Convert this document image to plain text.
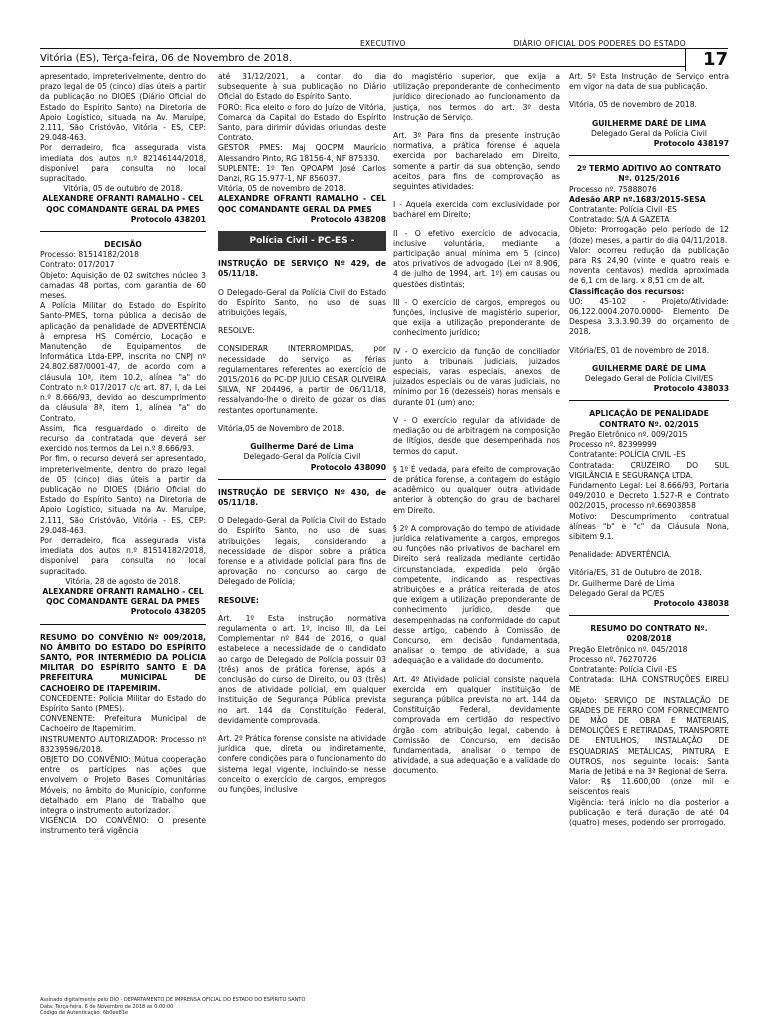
EXECUTIVO	DIÁRIO OFICIAL DOS PODERES DO ESTADO
Vitória (ES), Terça-feira, 06 de Novembro de 2018.	17

apresentado, impreterivelmente, dentro do prazo legal de 05 (cinco) dias úteis a partir da publicação no DIOES (Diário Oficial do Estado do Espírito Santo) na Diretoria de Apoio Logístico, situada na Av. Maruípe, 2.111, São Cristóvão, Vitória - ES, CEP: 29.048-463.

Por derradeiro, fica assegurada vista imediata dos autos n.º 82146144/2018, disponível para consulta no local supracitado.

Vitória, 05 de outubro de 2018.

ALEXANDRE OFRANTI RAMALHO - CEL QOC COMANDANTE GERAL DA PMES

Protocolo 438201

DECISÃO

Processo: 81514182/2018

Contrato: 017/2017

Objeto: Aquisição de 02 switches núcleo 3 camadas 48 portas, com garantia de 60 meses.

A Polícia Militar do Estado do Espírito Santo-PMES, torna pública a decisão de aplicação da penalidade de ADVERTÊNCIA à empresa HS Comércio, Locação e Manutenção de Equipamentos de Informática Ltda-EPP, inscrita no CNPJ nº 24.802.687/0001-47, de acordo com a cláusula 10ª, item 10.2, alínea "a" do Contrato n.º 017/2017 c/c art. 87, I, da Lei n.º 8.666/93, devido ao descumprimento da cláusula 8ª, item 1, alínea "a" do Contrato.

Assim, fica resguardado o direito de recurso da contratada que deverá ser exercido nos termos da Lei n.º 8.666/93.

Por fim, o recurso deverá ser apresentado, impreterivelmente, dentro do prazo legal de 05 (cinco) dias úteis a partir da publicação no DIOES (Diário Oficial do Estado do Espírito Santo) na Diretoria de Apoio Logístico, situada na Av. Maruípe, 2.111, São Cristóvão, Vitória - ES, CEP: 29.048-463.

Por derradeiro, fica assegurada vista imediata dos autos n.º 81514182/2018, disponível para consulta no local supracitado.

Vitória, 28 de agosto de 2018.

ALEXANDRE OFRANTI RAMALHO - CEL QOC COMANDANTE GERAL DA PMES

Protocolo 438205

RESUMO DO CONVÊNIO Nº 009/2018, NO ÂMBITO DO ESTADO DO ESPÍRITO SANTO, POR INTERMÉDIO DA POLÍCIA MILITAR DO ESPÍRITO SANTO E DA PREFEITURA MUNICIPAL DE CACHOEIRO DE ITAPEMIRIM.

CONCEDENTE: Polícia Militar do Estado do Espírito Santo (PMES).

CONVENENTE: Prefeitura Municipal de Cachoeiro de Itapemirim.

INSTRUMENTO AUTORIZADOR: Processo nº 83239596/2018.

OBJETO DO CONVÊNIO: Mútua cooperação entre os partícipes nas ações que envolvem o Projeto Bases Comunitárias Móveis, no âmbito do Município, conforme detalhado em Plano de Trabalho que integra o instrumento autorizador.

VIGÊNCIA DO CONVÊNIO: O presente instrumento terá vigência

até 31/12/2021, a contar do dia subsequente à sua publicação no Diário Oficial do Estado do Espírito Santo.

FORO: Fica eleito o foro do Juízo de Vitória, Comarca da Capital do Estado do Espírito Santo, para dirimir dúvidas oriundas deste Contrato.

GESTOR PMES: Maj QOCPM Maurício Alessandro Pinto, RG 18156-4, NF 875330.

SUPLENTE: 1º Ten QPOAPM José Carlos Danzi, RG 15.977-1, NF 856037.

Vitória, 05 de novembro de 2018.

ALEXANDRE OFRANTI RAMALHO - CEL QOC COMANDANTE GERAL DA PMES

Protocolo 438208

Polícia Civil - PC-ES -

INSTRUÇÃO DE SERVIÇO Nº 429, de 05/11/18.

O Delegado-Geral da Polícia Civil do Estado do Espírito Santo, no uso de suas atribuições legais,

RESOLVE:

CONSIDERAR INTERROMPIDAS, por necessidade do serviço as férias regulamentares referentes ao exercício de 2015/2016 do PC-DP JULIO CESAR OLIVEIRA SILVA, NF 204496, a partir de 06/11/18, ressalvando-lhe o direito de gozar os dias restantes oportunamente.

Vitória,05 de Novembro de 2018.

Guilherme Daré de Lima

Delegado-Geral da Polícia Civil

Protocolo 438090

INSTRUÇÃO DE SERVIÇO Nº 430, de 05/11/18.

O Delegado-Geral da Polícia Civil do Estado do Espírito Santo, no uso de suas atribuições legais, considerando a necessidade de dispor sobre a prática forense e a atividade policial para fins de aprovação no concurso ao cargo de Delegado de Polícia;

RESOLVE:

Art. 1º Esta instrução normativa regulamenta o art. 1º, inciso III, da Lei Complementar nº 844 de 2016, o qual estabelece a necessidade de o candidato ao cargo de Delegado de Polícia possuir 03 (três) anos de prática forense, após a conclusão do curso de Direito, ou 03 (três) anos de atividade policial, em qualquer Instituição de Segurança Pública prevista no art. 144 da Constituição Federal, devidamente comprovada.

Art. 2º Prática forense consiste na atividade jurídica que, direta ou indiretamente, confere condições para o funcionamento do sistema legal vigente, incluindo-se nesse conceito o exercício de cargos, empregos ou funções, inclusive

do magistério superior, que exija a utilização preponderante de conhecimento jurídico direcionado ao funcionamento da justiça, nos termos do art. 3º desta Instrução de Serviço.

Art. 3º Para fins da presente instrução normativa, a prática forense é aquela exercida por bacharelado em Direito, somente a partir da sua obtenção, sendo aceitos para fins de comprovação as seguintes atividades:

I - Aquela exercida com exclusividade por bacharel em Direito;

II - O efetivo exercício de advocacia, inclusive voluntária, mediante a participação anual mínima em 5 (cinco) atos privativos de advogado (Lei nº 8.906, 4 de julho de 1994, art. 1º) em causas ou questões distintas;

III - O exercício de cargos, empregos ou funções, inclusive de magistério superior, que exija a utilização preponderante de conhecimento jurídico;

IV - O exercício da função de conciliador junto a tribunais judiciais, juizados especiais, varas especiais, anexos de juizados especiais ou de varas judiciais, no mínimo por 16 (dezesseis) horas mensais e durante 01 (um) ano;

V - O exercício regular da atividade de mediação ou de arbitragem na composição de litígios, desde que desempenhada nos termos do caput.

§ 1º É vedada, para efeito de comprovação de prática forense, a contagem do estágio acadêmico ou qualquer outra atividade anterior à obtenção do grau de bacharel em Direito.

§ 2º A comprovação do tempo de atividade jurídica relativamente a cargos, empregos ou funções não privativos de bacharel em Direito será realizada mediante certidão circunstanciada, expedida pelo órgão competente, indicando as respectivas atribuições e a prática reiterada de atos que exigem a utilização preponderante de conhecimento jurídico, desde que desempenhadas na conformidade do caput desse artigo, cabendo à Comissão de Concurso, em decisão fundamentada, analisar o tempo de atividade, a sua adequação e a validade do documento.

Art. 4º Atividade policial consiste naquela exercida em qualquer instituição de segurança pública prevista no art. 144 da Constituição Federal, devidamente comprovada em certidão do respectivo órgão com atribuição legal, cabendo à Comissão de Concurso, em decisão fundamentada, analisar o tempo de atividade, a sua adequação e a validade do documento.

Art. 5º Esta Instrução de Serviço entra em vigor na data de sua publicação.

Vitória, 05 de novembro de 2018.

GUILHERME DARÉ DE LIMA

Delegado Geral da Polícia Civil

Protocolo 438197

2º TERMO ADITIVO AO CONTRATO Nº. 0125/2016

Processo nº. 75888076

Adesão ARP nº.1683/2015-SESA

Contratante: Polícia Civil -ES

Contratado: S/A A GAZETA

Objeto: Prorrogação pelo período de 12 (doze) meses, a partir do dia 04/11/2018.

Valor: ocorreu redução da publicação para R$ 24,90 (vinte e quatro reais e noventa centavos) medida aproximada de 6,1 cm de larg. x 8,51 cm de alt.

Classificação dos recursos:

UO: 45-102 - Projeto/Atividade: 06.122.0004.2070.0000- Elemento De Despesa 3.3.3.90.39 do orçamento de 2018.

Vitória/ES, 01 de novembro de 2018.

GUILHERME DARÉ DE LIMA

Delegado Geral de Polícia Civil/ES

Protocolo 438033

APLICAÇÃO DE PENALIDADE CONTRATO Nº. 02/2015

Pregão Eletrônico nº. 009/2015

Processo nº. 82399999

Contratante: POLÍCIA CIVIL -ES

Contratada: CRUZEIRO DO SUL VIGILÂNCIA E SEGURANÇA LTDA.

Fundamento Legal: Lei 8.666/93, Portaria 049/2010 e Decreto 1.527-R e Contrato 002/2015, processo nº.66903858

Motivo: Descumprimento contratual alíneas "b" e "c" da Cláusula Nona, sibitem 9.1.

Penalidade: ADVERTÊNCIA.

Vitória/ES, 31 de Outubro de 2018.

Dr. Guilherme Daré de Lima

Delegado Geral da PC/ES

Protocolo 438038

RESUMO DO CONTRATO Nº. 0208/2018

Pregão Eletrônico nº. 045/2018

Processo nº. 76270726

Contratante: Polícia Civil -ES

Contratada: ILHA CONSTRUÇÕES EIRELI ME

Objeto: SERVIÇO DE INSTALAÇÃO DE GRADES DE FERRO COM FORNECIMENTO DE MÃO DE OBRA E MATERIAIS, DEMOLIÇÕES E RETIRADAS, TRANSPORTE DE ENTULHOS, INSTALAÇÃO DE ESQUADRIAS METÁLICAS, PINTURA E OUTROS, nos seguinte locais: Santa Maria de Jetibá e na 3ª Regional de Serra.

Valor: R$ 11.600,00 (onze mil e seiscentos reais

Vigência: terá início no dia posterior a publicação e terá duração de até 04 (quatro) meses, podendo ser prorrogado.

Assinado digitalmente pelo DIO - DEPARTAMENTO DE IMPRENSA OFICIAL DO ESTADO DO ESPÍRITO SANTO
Data: Terça-feira, 6 de Novembro de 2018 às 0:00:00
Código de Autenticação: 6b0ee81e
